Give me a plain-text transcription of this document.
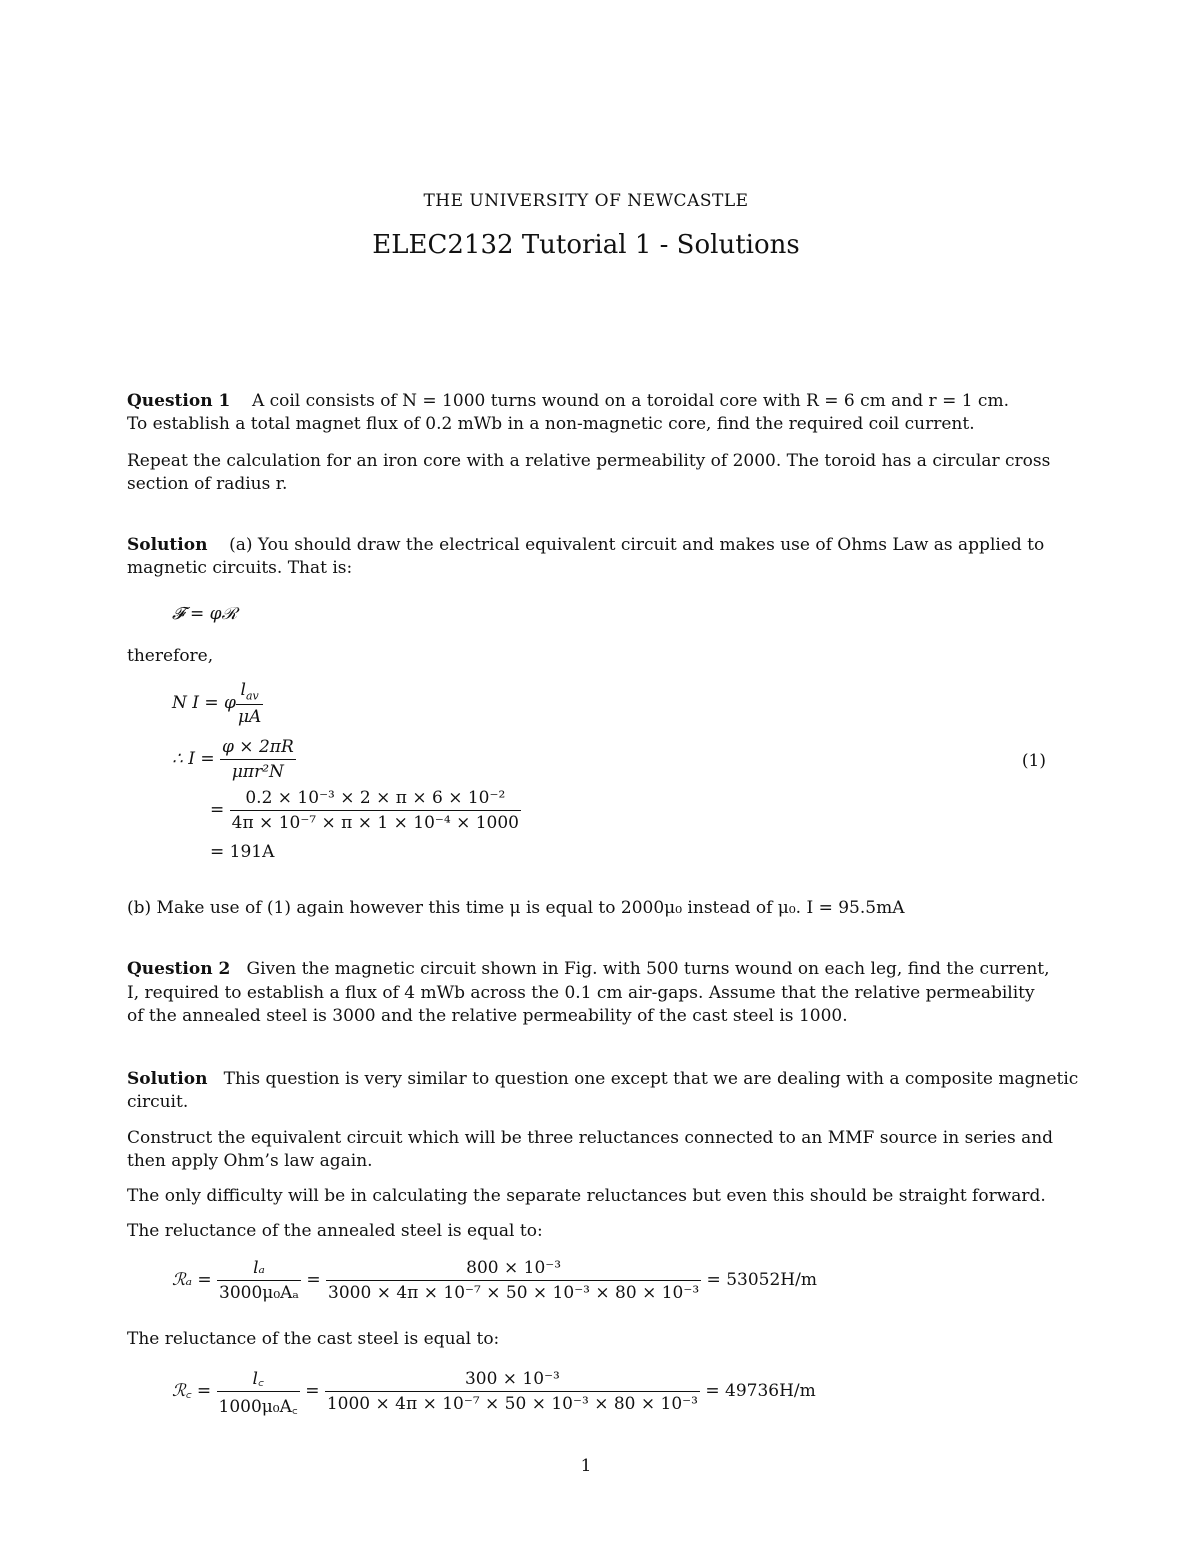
THE UNIVERSITY OF NEWCASTLE
ELEC2132 Tutorial 1 - Solutions
Question 1 A coil consists of N = 1000 turns wound on a toroidal core with R = 6 cm and r = 1 cm.
To establish a total magnet flux of 0.2 mWb in a non-magnetic core, find the required coil current.
Repeat the calculation for an iron core with a relative permeability of 2000. The toroid has a circular cross
section of radius r.
Solution (a) You should draw the electrical equivalent circuit and makes use of Ohms Law as applied to
magnetic circuits. That is:
𝓕 = φℛ
therefore,
N I = φ $\frac{l_{av}}{\mu A}$
∴ $I = \frac{\varphi \times 2\pi R}{\text{μπr²N}}$	(1)
= $\frac{\text{0.2 × 10⁻³ × 2 × π × 6 × 10⁻²}}{\text{4π × 10⁻⁷ × π × 1 × 10⁻⁴ × 1000}}$
= 191A
(b) Make use of (1) again however this time μ is equal to 2000μ₀ instead of μ₀. I = 95.5mA
Question 2 Given the magnetic circuit shown in Fig. with 500 turns wound on each leg, find the current,
I, required to establish a flux of 4 mWb across the 0.1 cm air-gaps. Assume that the relative permeability
of the annealed steel is 3000 and the relative permeability of the cast steel is 1000.
Solution This question is very similar to question one except that we are dealing with a composite magnetic
circuit.
Construct the equivalent circuit which will be three reluctances connected to an MMF source in series and
then apply Ohm’s law again.
The only difficulty will be in calculating the separate reluctances but even this should be straight forward.
The reluctance of the annealed steel is equal to:
ℛₐ = $\frac{\text{lₐ}}{\text{3000μ₀Aₐ}} = \frac{\text{800 × 10⁻³}}{\text{3000 × 4π × 10⁻⁷ × 50 × 10⁻³ × 80 × 10⁻³}} = 53052H/m$
The reluctance of the cast steel is equal to:
ℛ꜀ = $\frac{l꜀}{\text{1000μ₀A꜀}} = \frac{\text{300 × 10⁻³}}{\text{1000 × 4π × 10⁻⁷ × 50 × 10⁻³ × 80 × 10⁻³}} = 49736H/m$
1
